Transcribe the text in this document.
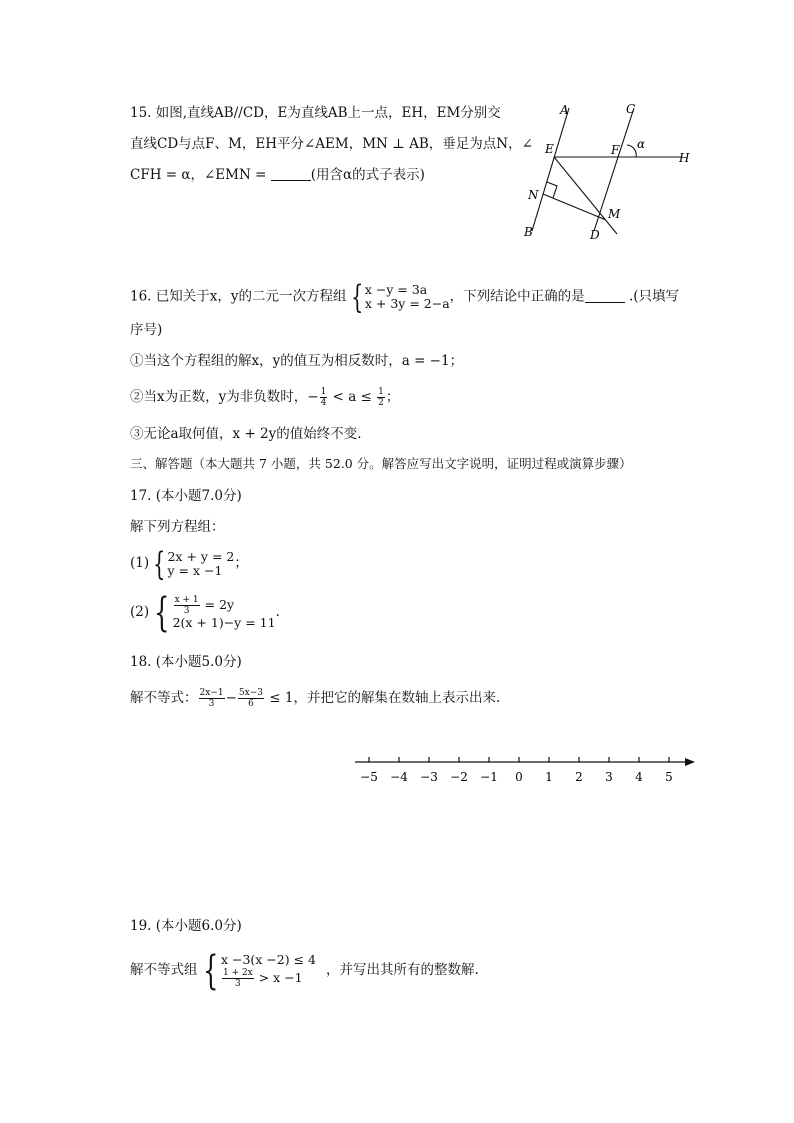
15. 如图,直线AB//CD，E为直线AB上一点，EH，EM分别交
直线CD与点F、M，EH平分∠AEM，MN ⊥ AB，垂足为点N，∠
CFH = α，∠EMN =	(用含α的式子表示)
A	C
E	F α
H
N
M
B	D
16. 已知关于x，y的二元一次方程组 { x −y = 3a
x + 3y = 2−a ，下列结论中正确的是	.(只填写
序号)
①当这个方程组的解x，y的值互为相反数时，a = −1；
②当x为正数，y为非负数时，− $\frac{1}{4} < a \le \frac{1}{2}$ ；
③无论a取何值，x + 2y的值始终不变.
三、解答题（本大题共 7 小题，共 52.0 分。解答应写出文字说明，证明过程或演算步骤）
17. (本小题7.0分)
解下列方程组：
(1) { 2x + y = 2
y = x −1 ；
(2) { $\frac{x + 1}{3} = 2y$
2(x + 1)−y = 11
.
18. (本小题5.0分)
解不等式： $\frac{2x-1}{3} - \frac{5x-3}{6} \le 1$，并把它的解集在数轴上表示出来.
−5 −4 −3 −2 −1 0 1 2 3 4 5
19. (本小题6.0分)
解不等式组 { x −3(x −2) ≤ 4
$\frac{1 + 2x}{3} > x -1$	，并写出其所有的整数解.
